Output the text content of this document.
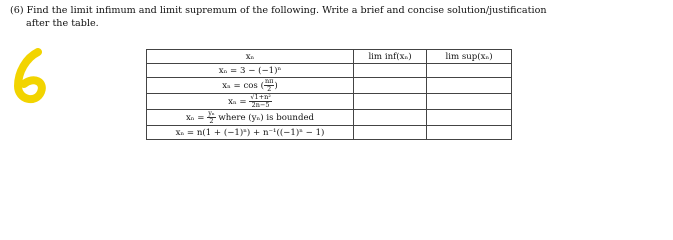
(6) Find the limit infimum and limit supremum of the following. Write a brief and concise solution/justification
after the table.
xₙ	lim inf(xₙ)	lim sup(xₙ)
xₙ = 3 − (−1)ⁿ		
xₙ = cos ( $\frac{n\pi}{2}$ )		
$x_n = \frac{\text{√1+n²}}{2n-5}$

$x_n = \frac{\text{yₙ}}{2}$ where (yₙ) is bounded		
xₙ = n(1 + (−1)ⁿ) + n⁻¹((−1)ⁿ − 1)		
